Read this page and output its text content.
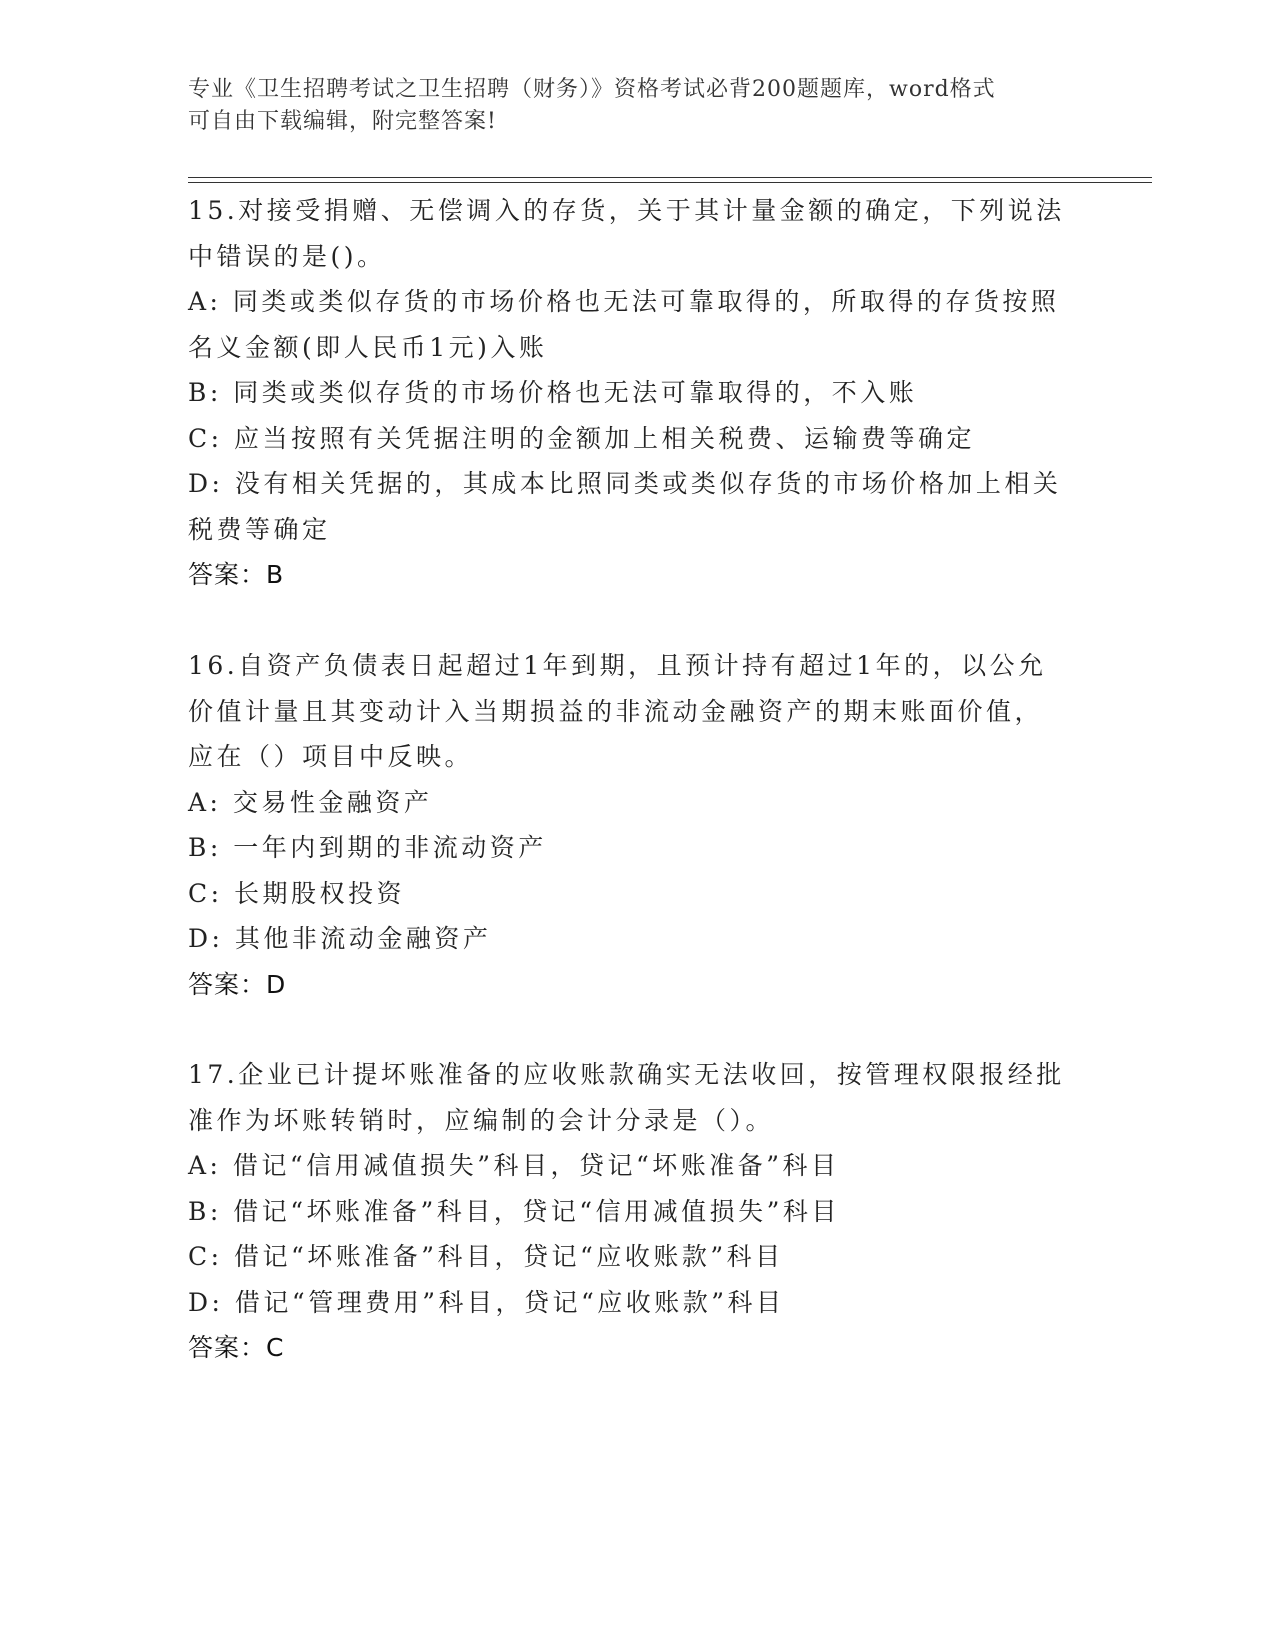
专业《卫生招聘考试之卫生招聘（财务）》资格考试必背200题题库，word格式
可自由下载编辑，附完整答案!
15.对接受捐赠、无偿调入的存货，关于其计量金额的确定，下列说法
中错误的是()。
A: 同类或类似存货的市场价格也无法可靠取得的，所取得的存货按照
名义金额(即人民币1元)入账
B: 同类或类似存货的市场价格也无法可靠取得的，不入账
C: 应当按照有关凭据注明的金额加上相关税费、运输费等确定
D: 没有相关凭据的，其成本比照同类或类似存货的市场价格加上相关
税费等确定
答案：B
16.自资产负债表日起超过1年到期，且预计持有超过1年的，以公允
价值计量且其变动计入当期损益的非流动金融资产的期末账面价值，
应在（）项目中反映。
A: 交易性金融资产
B: 一年内到期的非流动资产
C: 长期股权投资
D: 其他非流动金融资产
答案：D
17.企业已计提坏账准备的应收账款确实无法收回，按管理权限报经批
准作为坏账转销时，应编制的会计分录是（）。
A: 借记“信用减值损失”科目，贷记“坏账准备”科目
B: 借记“坏账准备”科目，贷记“信用减值损失”科目
C: 借记“坏账准备”科目，贷记“应收账款”科目
D: 借记“管理费用”科目，贷记“应收账款”科目
答案：C
